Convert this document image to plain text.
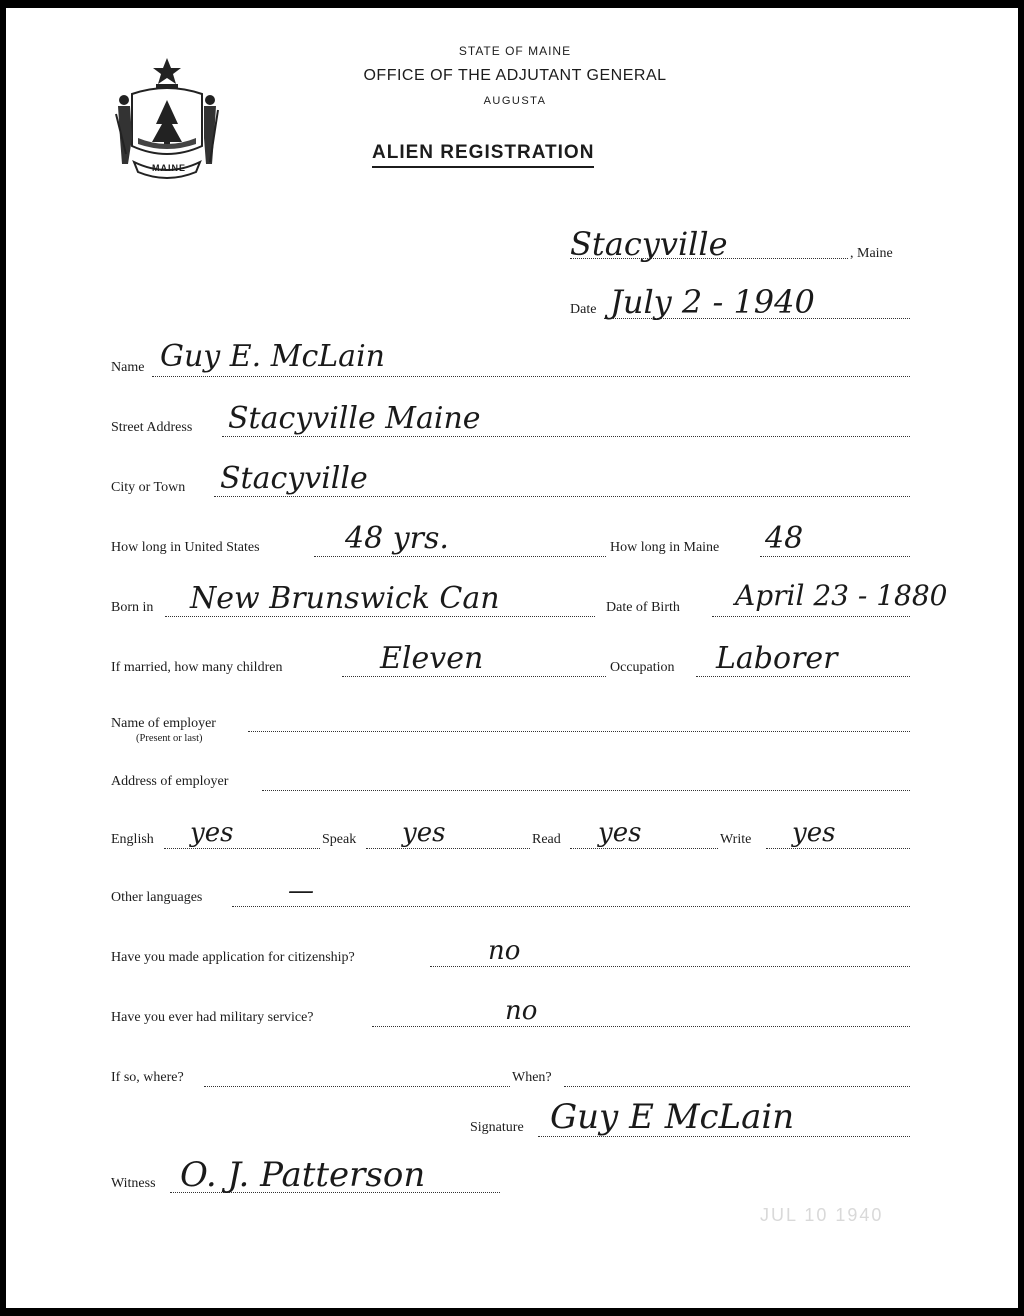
MAINE
STATE OF MAINE
OFFICE OF THE ADJUTANT GENERAL
AUGUSTA
ALIEN REGISTRATION
Stacyville	, Maine
Date July 2 - 1940
Name Guy E. McLain
Street Address Stacyville Maine
City or Town Stacyville
How long in United States	48 yrs.	How long in Maine 48
Born in New Brunswick Can	Date of Birth April 23 - 1880
If married, how many children	Eleven	Occupation Laborer
Name of employer
(Present or last)
Address of employer
English yes	Speak yes	Read yes	Write yes
Other languages	—
Have you made application for citizenship?	no
Have you ever had military service?	no
If so, where?	When?
Signature Guy E McLain
Witness O. J. Patterson
JUL 10 1940
